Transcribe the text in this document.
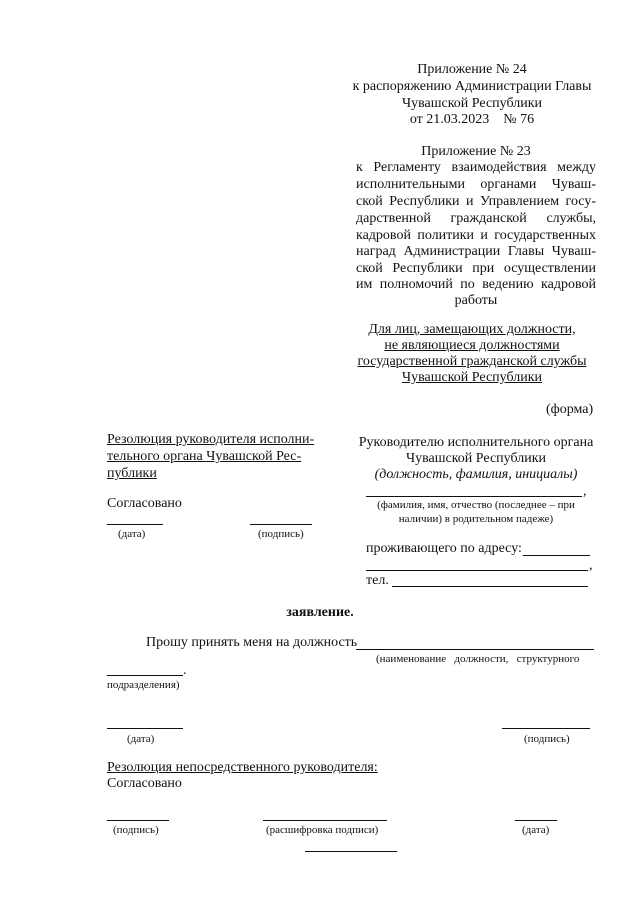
Приложение № 24
к распоряжению Администрации Главы
Чувашской Республики
от 21.03.2023    № 76
Приложение № 23
к Регламенту взаимодействия между
исполнительными органами Чуваш-
ской Республики и Управлением госу-
дарственной гражданской службы,
кадровой политики и государственных
наград Администрации Главы Чуваш-
ской Республики при осуществлении
им полномочий по ведению кадровой
работы
Для лиц, замещающих должности,
не являющиеся должностями
государственной гражданской службы
Чувашской Республики
(форма)
Резолюция руководителя исполни-
тельного органа Чувашской Рес-
публики
Согласовано
(дата)	(подпись)
Руководителю исполнительного органа
Чувашской Республики
(должность, фамилия, инициалы)
,
(фамилия, имя, отчество (последнее – при
наличии) в родительном падеже)
проживающего по адресу:
,
тел.
заявление.
Прошу принять меня на должность
(наименование   должности,   структурного
.
подразделения)
(дата)	(подпись)
Резолюция непосредственного руководителя:
Согласовано
(подпись)	(расшифровка подписи)	(дата)
